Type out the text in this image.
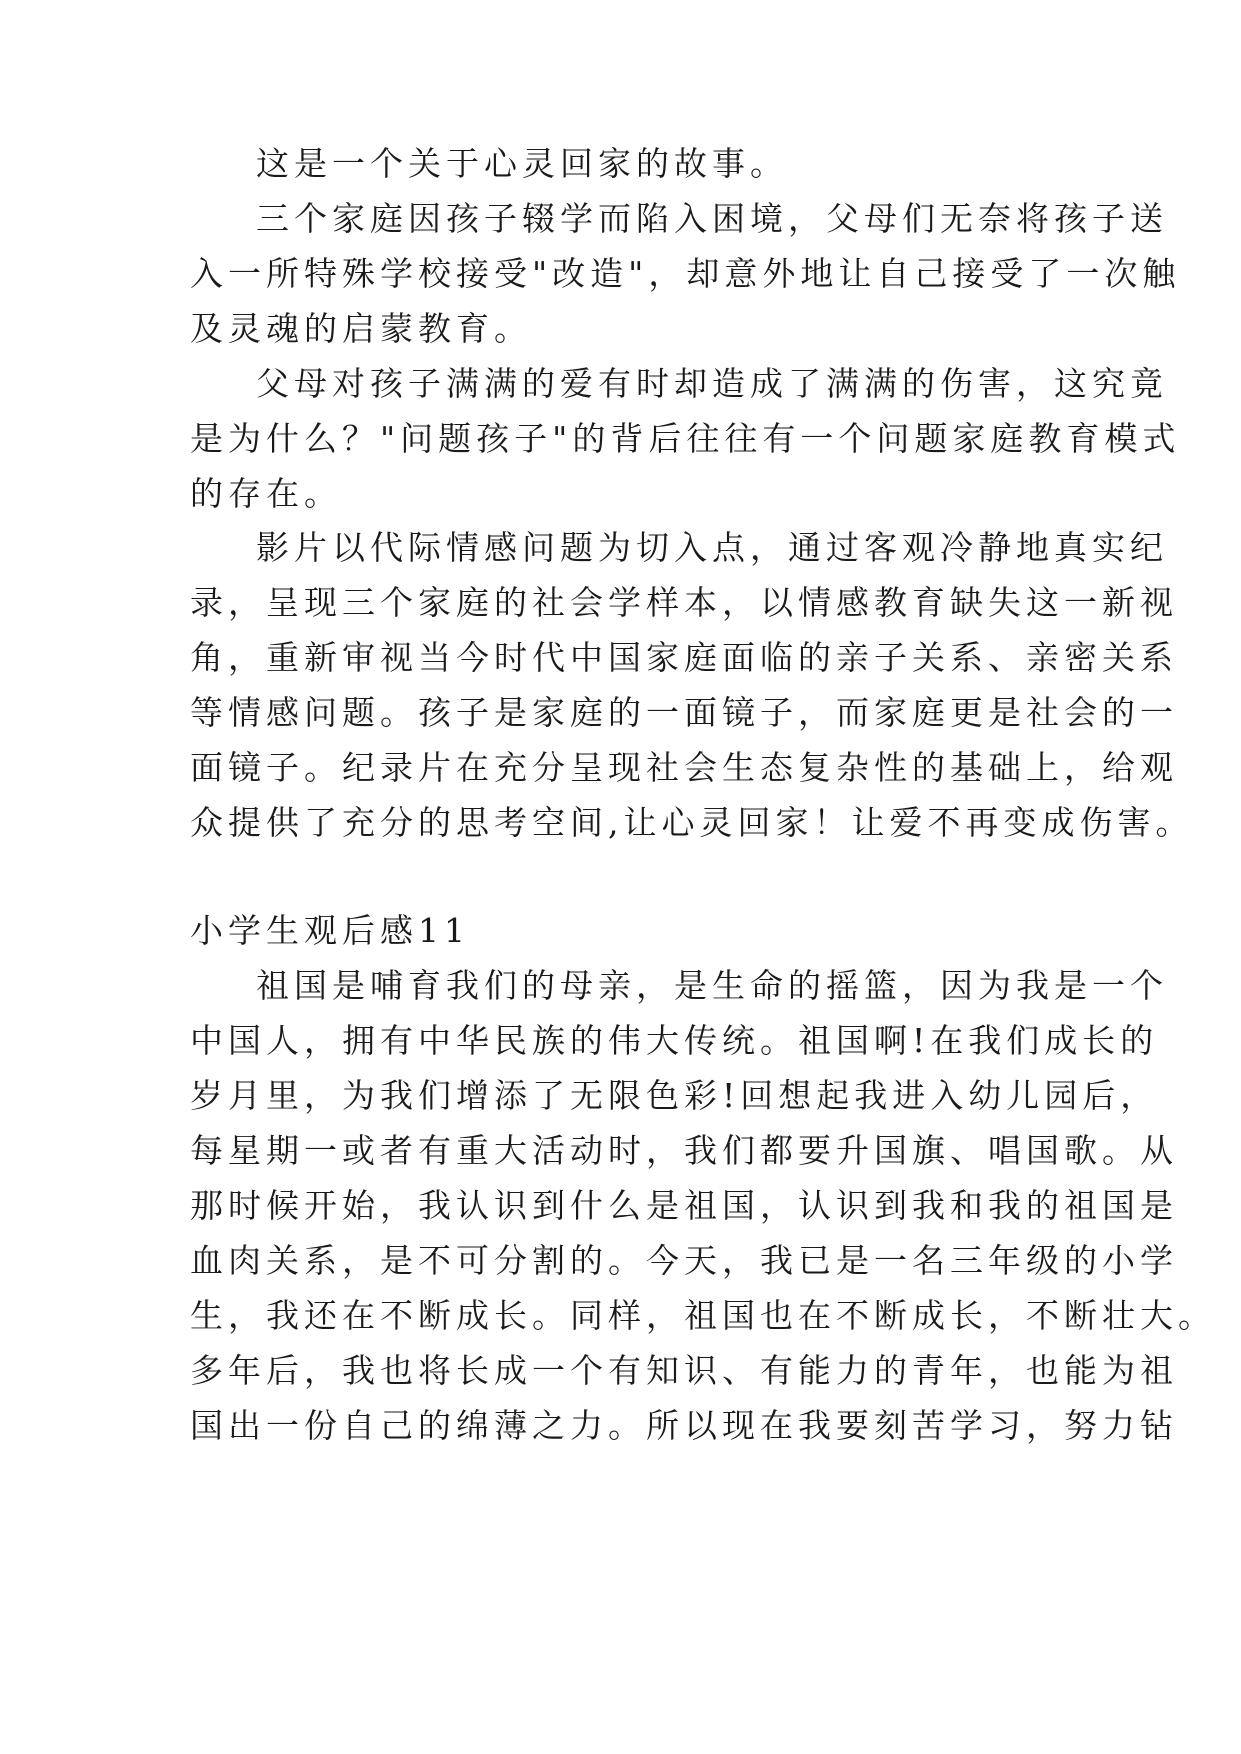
这是一个关于心灵回家的故事。
三个家庭因孩子辍学而陷入困境，父母们无奈将孩子送
入一所特殊学校接受"改造"，却意外地让自己接受了一次触
及灵魂的启蒙教育。
父母对孩子满满的爱有时却造成了满满的伤害，这究竟
是为什么？"问题孩子"的背后往往有一个问题家庭教育模式
的存在。
影片以代际情感问题为切入点，通过客观冷静地真实纪
录，呈现三个家庭的社会学样本，以情感教育缺失这一新视
角，重新审视当今时代中国家庭面临的亲子关系、亲密关系
等情感问题。孩子是家庭的一面镜子，而家庭更是社会的一
面镜子。纪录片在充分呈现社会生态复杂性的基础上，给观
众提供了充分的思考空间,让心灵回家！让爱不再变成伤害。
小学生观后感11
祖国是哺育我们的母亲，是生命的摇篮，因为我是一个
中国人，拥有中华民族的伟大传统。祖国啊!在我们成长的
岁月里，为我们增添了无限色彩!回想起我进入幼儿园后，
每星期一或者有重大活动时，我们都要升国旗、唱国歌。从
那时候开始，我认识到什么是祖国，认识到我和我的祖国是
血肉关系，是不可分割的。今天，我已是一名三年级的小学
生，我还在不断成长。同样，祖国也在不断成长，不断壮大。
多年后，我也将长成一个有知识、有能力的青年，也能为祖
国出一份自己的绵薄之力。所以现在我要刻苦学习，努力钻
